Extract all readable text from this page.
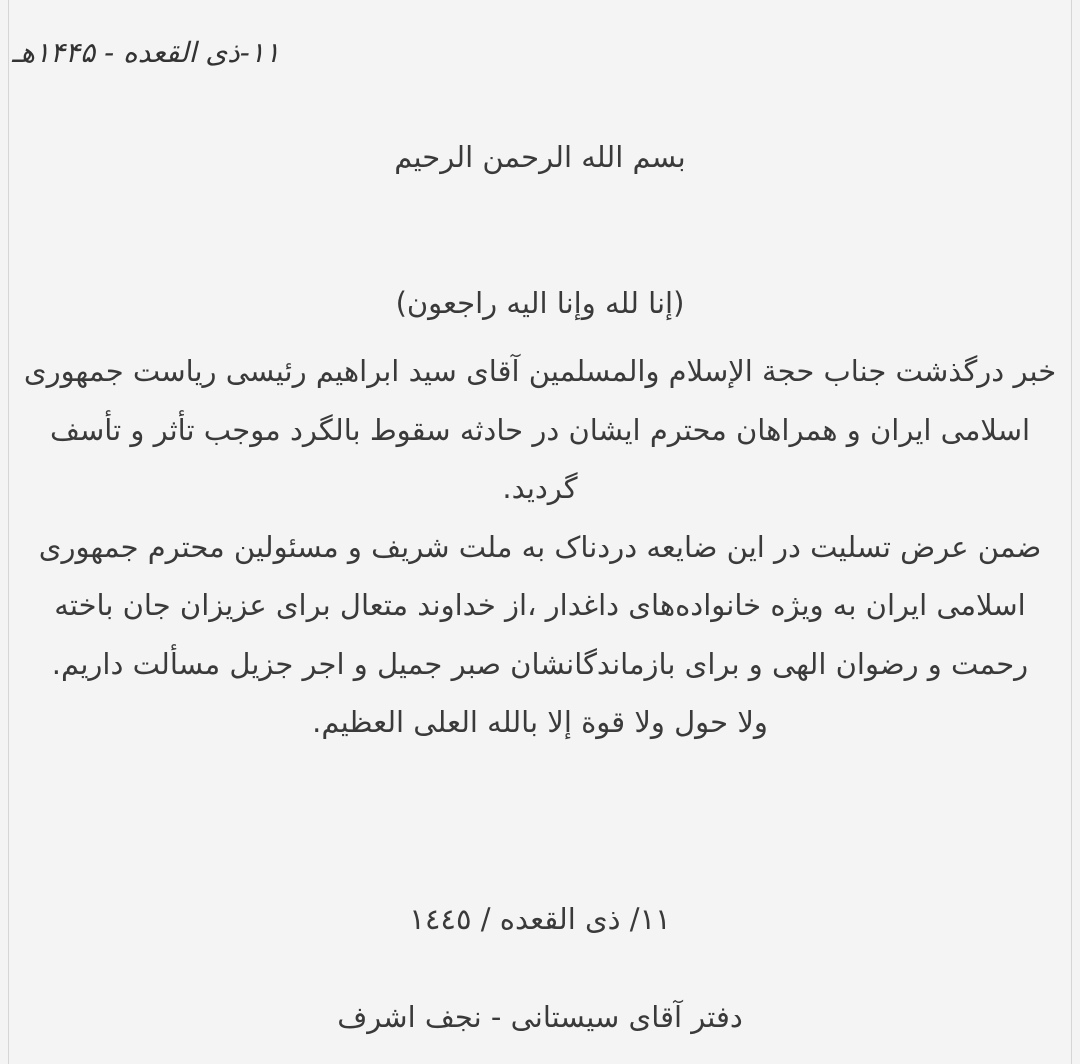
۱۱-ذی القعده - ۱۴۴۵هـ
بسم الله الرحمن الرحيم
(إنا لله وإنا اليه راجعون)

خبر درگذشت جناب حجة الإسلام والمسلمين آقای سيد ابراهيم رئيسی رياست جمهوری اسلامی ايران و همراهان محترم ايشان در حادثه سقوط بالگرد موجب تأثر و تأسف گرديد.

ضمن عرض تسليت در اين ضايعه دردناک به ملت شريف و مسئولين محترم جمهوری اسلامی ايران به ويژه خانواده‌های داغدار ،از خداوند متعال برای عزيزان جان باخته رحمت و رضوان الهی و برای بازماندگانشان صبر جميل و اجر جزيل مسألت داريم.

ولا حول ولا قوة إلا بالله العلی العظيم.

۱۱/ ذی القعده / ١٤٤٥
دفتر آقای سيستانی - نجف اشرف
